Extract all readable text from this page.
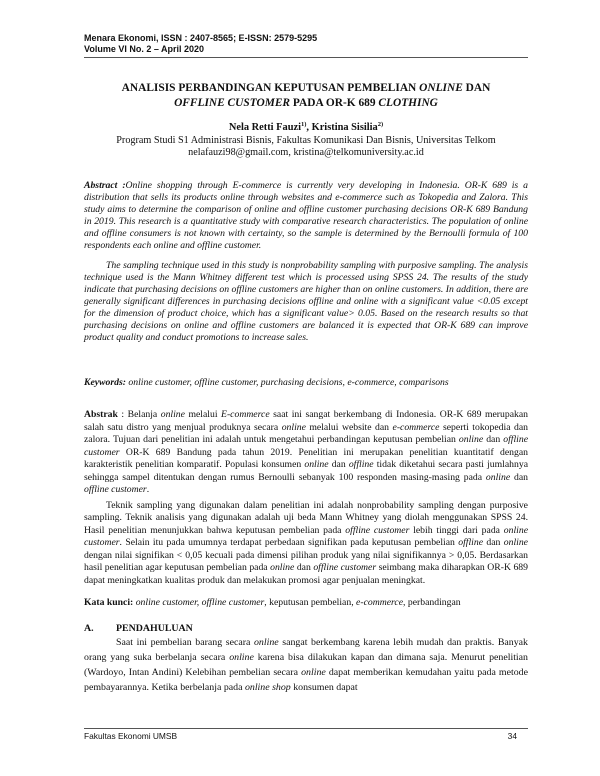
Menara Ekonomi, ISSN : 2407-8565; E-ISSN: 2579-5295
Volume VI No. 2 – April 2020
ANALISIS PERBANDINGAN KEPUTUSAN PEMBELIAN ONLINE DAN
OFFLINE CUSTOMER PADA OR-K 689 CLOTHING
Nela Retti Fauzi$^{1)}$, Kristina Sisilia$^{2)}$
Program Studi S1 Administrasi Bisnis, Fakultas Komunikasi Dan Bisnis, Universitas Telkom
nelafauzi98@gmail.com, kristina@telkomuniversity.ac.id

Abstract :Online shopping through E-commerce is currently very developing in Indonesia. OR-K 689 is a distribution that sells its products online through websites and e-commerce such as Tokopedia and Zalora. This study aims to determine the comparison of online and offline customer purchasing decisions OR-K 689 Bandung in 2019. This research is a quantitative study with comparative research characteristics. The population of online and offline consumers is not known with certainty, so the sample is determined by the Bernoulli formula of 100 respondents each online and offline customer.

The sampling technique used in this study is nonprobability sampling with purposive sampling. The analysis technique used is the Mann Whitney different test which is processed using SPSS 24. The results of the study indicate that purchasing decisions on offline customers are higher than on online customers. In addition, there are generally significant differences in purchasing decisions offline and online with a significant value <0.05 except for the dimension of product choice, which has a significant value> 0.05. Based on the research results so that purchasing decisions on online and offline customers are balanced it is expected that OR-K 689 can improve product quality and conduct promotions to increase sales.

Keywords: online customer, offline customer, purchasing decisions, e-commerce, comparisons

Abstrak : Belanja online melalui E-commerce saat ini sangat berkembang di Indonesia. OR-K 689 merupakan salah satu distro yang menjual produknya secara online melalui website dan e-commerce seperti tokopedia dan zalora. Tujuan dari penelitian ini adalah untuk mengetahui perbandingan keputusan pembelian online dan offline customer OR-K 689 Bandung pada tahun 2019. Penelitian ini merupakan penelitian kuantitatif dengan karakteristik penelitian komparatif. Populasi konsumen online dan offline tidak diketahui secara pasti jumlahnya sehingga sampel ditentukan dengan rumus Bernoulli sebanyak 100 responden masing-masing pada online dan offline customer.

Teknik sampling yang digunakan dalam penelitian ini adalah nonprobability sampling dengan purposive sampling. Teknik analisis yang digunakan adalah uji beda Mann Whitney yang diolah menggunakan SPSS 24. Hasil penelitian menunjukkan bahwa keputusan pembelian pada offline customer lebih tinggi dari pada online customer. Selain itu pada umumnya terdapat perbedaan signifikan pada keputusan pembelian offline dan online dengan nilai signifikan < 0,05 kecuali pada dimensi pilihan produk yang nilai signifikannya > 0,05. Berdasarkan hasil penelitian agar keputusan pembelian pada online dan offline customer seimbang maka diharapkan OR-K 689 dapat meningkatkan kualitas produk dan melakukan promosi agar penjualan meningkat.

Kata kunci: online customer, offline customer, keputusan pembelian, e-commerce, perbandingan
A. PENDAHULUAN

Saat ini pembelian barang secara online sangat berkembang karena lebih mudah dan praktis. Banyak orang yang suka berbelanja secara online karena bisa dilakukan kapan dan dimana saja. Menurut penelitian (Wardoyo, Intan Andini) Kelebihan pembelian secara online dapat memberikan kemudahan yaitu pada metode pembayarannya. Ketika berbelanja pada online shop konsumen dapat

Fakultas Ekonomi UMSB	34
